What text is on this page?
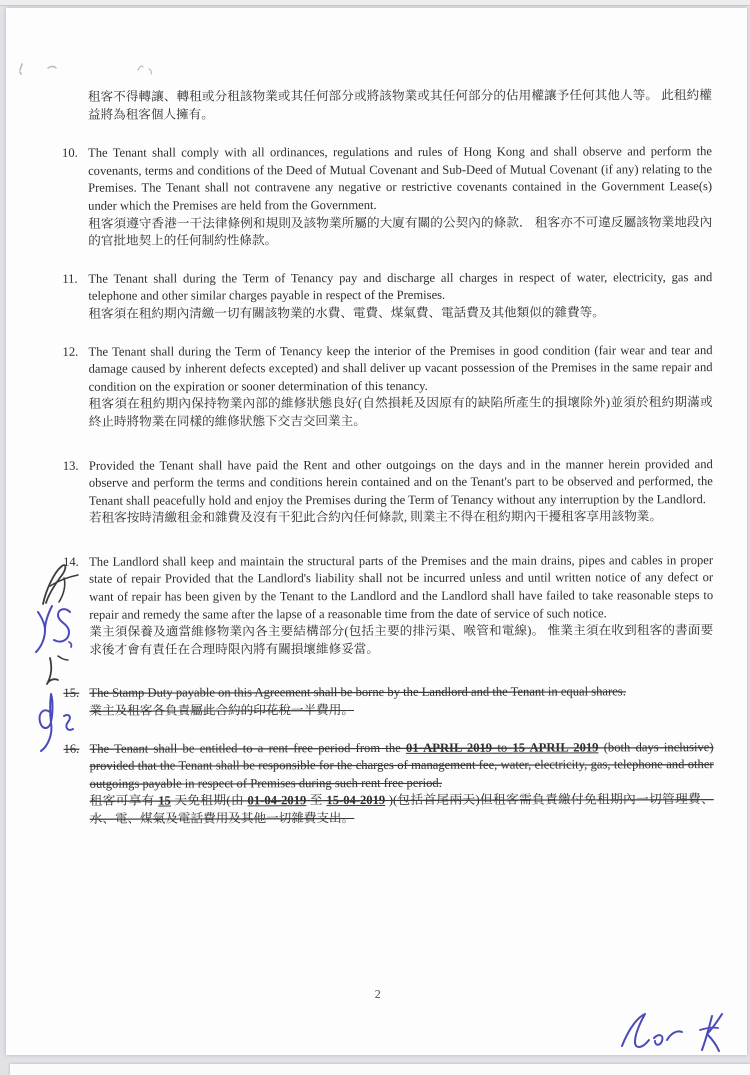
租客不得轉讓、轉租或分租該物業或其任何部分或將該物業或其任何部分的佔用權讓予任何其他人等。 此租約權益將為租客個人擁有。

10. The Tenant shall comply with all ordinances, regulations and rules of Hong Kong and shall observe and perform the covenants, terms and conditions of the Deed of Mutual Covenant and Sub-Deed of Mutual Covenant (if any) relating to the Premises. The Tenant shall not contravene any negative or restrictive covenants contained in the Government Lease(s) under which the Premises are held from the Government.

租客須遵守香港一干法律條例和規則及該物業所屬的大廈有關的公契內的條款． 租客亦不可違反屬該物業地段內的官批地契上的任何制約性條款。

11. The Tenant shall during the Term of Tenancy pay and discharge all charges in respect of water, electricity, gas and telephone and other similar charges payable in respect of the Premises.

租客須在租約期內清繳一切有關該物業的水費、電費、煤氣費、電話費及其他類似的雜費等。

12. The Tenant shall during the Term of Tenancy keep the interior of the Premises in good condition (fair wear and tear and damage caused by inherent defects excepted) and shall deliver up vacant possession of the Premises in the same repair and condition on the expiration or sooner determination of this tenancy.

租客須在租約期內保持物業內部的維修狀態良好(自然損耗及因原有的缺陷所產生的損壞除外)並須於租約期滿或終止時將物業在同樣的維修狀態下交吉交回業主。

13. Provided the Tenant shall have paid the Rent and other outgoings on the days and in the manner herein provided and observe and perform the terms and conditions herein contained and on the Tenant's part to be observed and performed, the Tenant shall peacefully hold and enjoy the Premises during the Term of Tenancy without any interruption by the Landlord.

若租客按時清繳租金和雜費及沒有干犯此合約內任何條款, 則業主不得在租約期內干擾租客享用該物業。

14. The Landlord shall keep and maintain the structural parts of the Premises and the main drains, pipes and cables in proper state of repair Provided that the Landlord's liability shall not be incurred unless and until written notice of any defect or want of repair has been given by the Tenant to the Landlord and the Landlord shall have failed to take reasonable steps to repair and remedy the same after the lapse of a reasonable time from the date of service of such notice.

業主須保養及適當維修物業內各主要結構部分(包括主要的排污渠、喉管和電線)。 惟業主須在收到租客的書面要求後才會有責任在合理時限內將有關損壞維修妥當。

15. The Stamp Duty payable on this Agreement shall be borne by the Landlord and the Tenant in equal shares.

業主及租客各負責屬此合約的印花稅一半費用。

16. The Tenant shall be entitled to a rent free period from the 01 APRIL 2019 to 15 APRIL 2019 (both days inclusive) provided that the Tenant shall be responsible for the charges of management fee, water, electricity, gas, telephone and other outgoings payable in respect of Premises during such rent free period.

租客可享有 15 天免租期(由 01-04-2019 至 15-04-2019 )(包括首尾兩天)但租客需負責繳付免租期內一切管理費、水、電、煤氣及電話費用及其他一切雜費支出。

2
